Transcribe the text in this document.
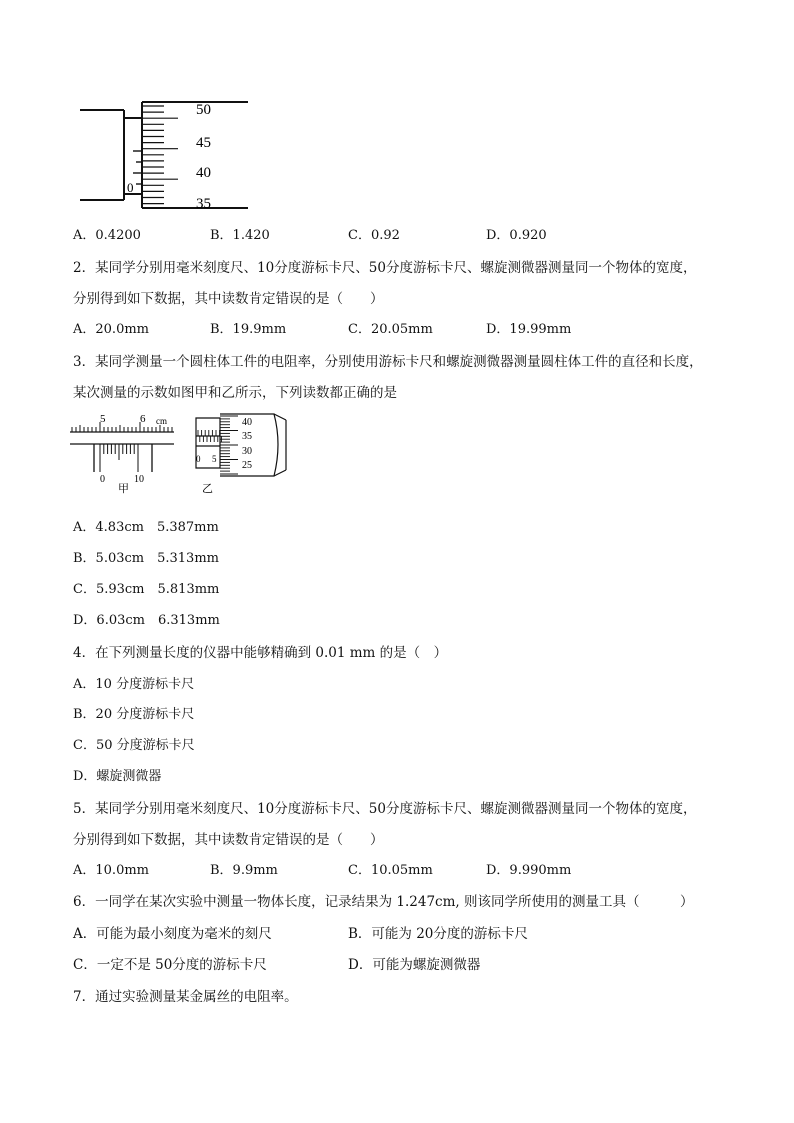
50
45
40
35
0
A．0.4200	B．1.420	C．0.92	D．0.920
2．某同学分别用毫米刻度尺、10分度游标卡尺、50分度游标卡尺、螺旋测微器测量同一个物体的宽度，
分别得到如下数据，其中读数肯定错误的是（　　）
A．20.0mm	B．19.9mm	C．20.05mm	D．19.99mm
3．某同学测量一个圆柱体工件的电阻率，分别使用游标卡尺和螺旋测微器测量圆柱体工件的直径和长度，
某次测量的示数如图甲和乙所示，下列读数都正确的是
5	6 cm
0	10
甲
40
35
30
25
0 5
乙
A．4.83cm　5.387mm
B．5.03cm　5.313mm
C．5.93cm　5.813mm
D．6.03cm　6.313mm
4．在下列测量长度的仪器中能够精确到 0.01 mm 的是（　）
A．10 分度游标卡尺
B．20 分度游标卡尺
C．50 分度游标卡尺
D．螺旋测微器
5．某同学分别用毫米刻度尺、10分度游标卡尺、50分度游标卡尺、螺旋测微器测量同一个物体的宽度，
分别得到如下数据，其中读数肯定错误的是（　　）
A．10.0mm	B．9.9mm	C．10.05mm	D．9.990mm
6．一同学在某次实验中测量一物体长度，记录结果为 1.247cm, 则该同学所使用的测量工具（　　　）
A．可能为最小刻度为毫米的刻尺	B．可能为 20分度的游标卡尺
C．一定不是 50分度的游标卡尺	D．可能为螺旋测微器
7．通过实验测量某金属丝的电阻率。
